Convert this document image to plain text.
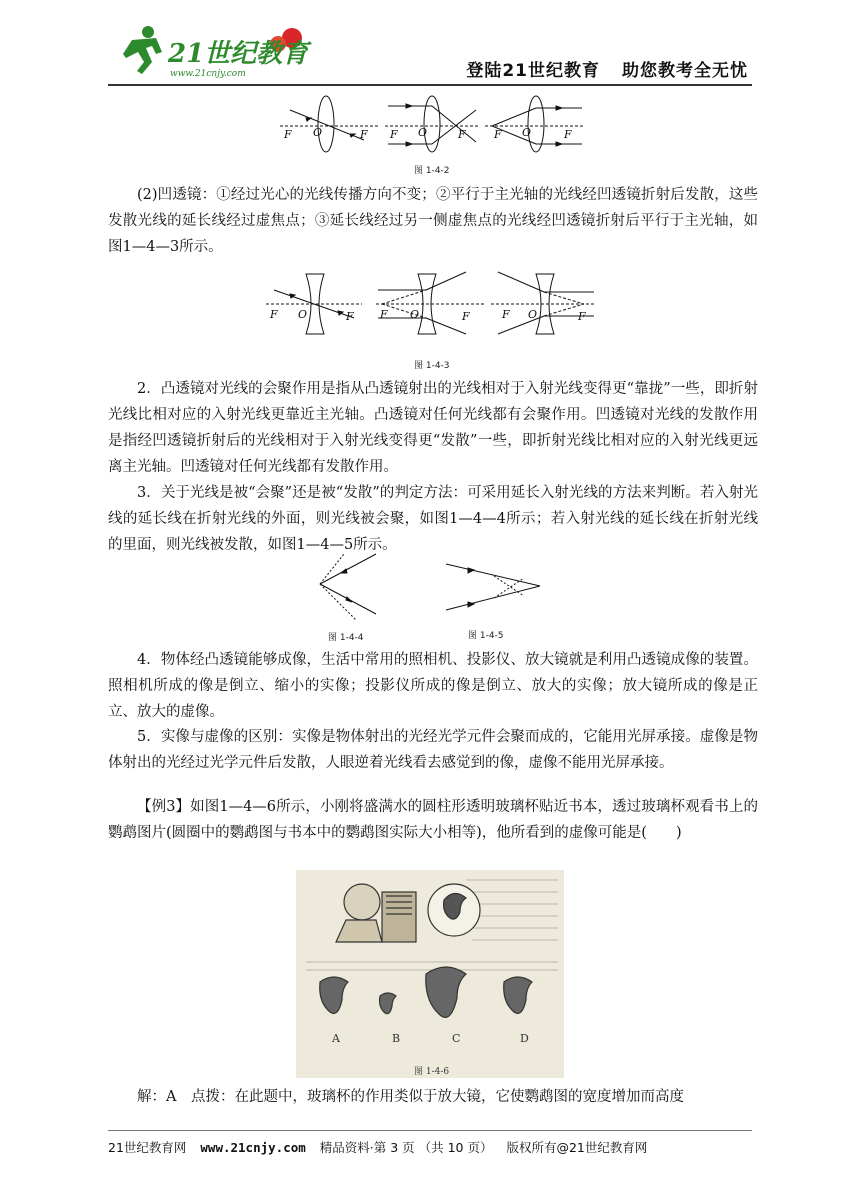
21世纪教育
www.21cnjy.com	登陆21世纪教育 助您教考全无忧
F O	F F O	F	F O	F
图 1-4-2

(2)凹透镜：①经过光心的光线传播方向不变；②平行于主光轴的光线经凹透镜折射后发散，这些发散光线的延长线经过虚焦点；③延长线经过另一侧虚焦点的光线经凹透镜折射后平行于主光轴，如图1—4—3所示。

F O	F F O	F	F O	F
图 1-4-3

2．凸透镜对光线的会聚作用是指从凸透镜射出的光线相对于入射光线变得更“靠拢”一些，即折射光线比相对应的入射光线更靠近主光轴。凸透镜对任何光线都有会聚作用。凹透镜对光线的发散作用是指经凹透镜折射后的光线相对于入射光线变得更“发散”一些，即折射光线比相对应的入射光线更远离主光轴。凹透镜对任何光线都有发散作用。

3．关于光线是被“会聚”还是被“发散”的判定方法：可采用延长入射光线的方法来判断。若入射光线的延长线在折射光线的外面，则光线被会聚，如图1—4—4所示；若入射光线的延长线在折射光线的里面，则光线被发散，如图1—4—5所示。

图 1-4-4	图 1-4-5

4．物体经凸透镜能够成像，生活中常用的照相机、投影仪、放大镜就是利用凸透镜成像的装置。照相机所成的像是倒立、缩小的实像；投影仪所成的像是倒立、放大的实像；放大镜所成的像是正立、放大的虚像。

5．实像与虚像的区别：实像是物体射出的光经光学元件会聚而成的，它能用光屏承接。虚像是物体射出的光经过光学元件后发散，人眼逆着光线看去感觉到的像，虚像不能用光屏承接。

【例3】如图1—4—6所示，小刚将盛满水的圆柱形透明玻璃杯贴近书本，透过玻璃杯观看书上的鹦鹉图片(圆圈中的鹦鹉图与书本中的鹦鹉图实际大小相等)，他所看到的虚像可能是(　　)

A	B	C	D
图 1-4-6

解：A　点拨：在此题中，玻璃杯的作用类似于放大镜，它使鹦鹉图的宽度增加而高度

21世纪教育网 www.21cnjy.com 精品资料·第 3 页 （共 10 页） 版权所有@21世纪教育网
